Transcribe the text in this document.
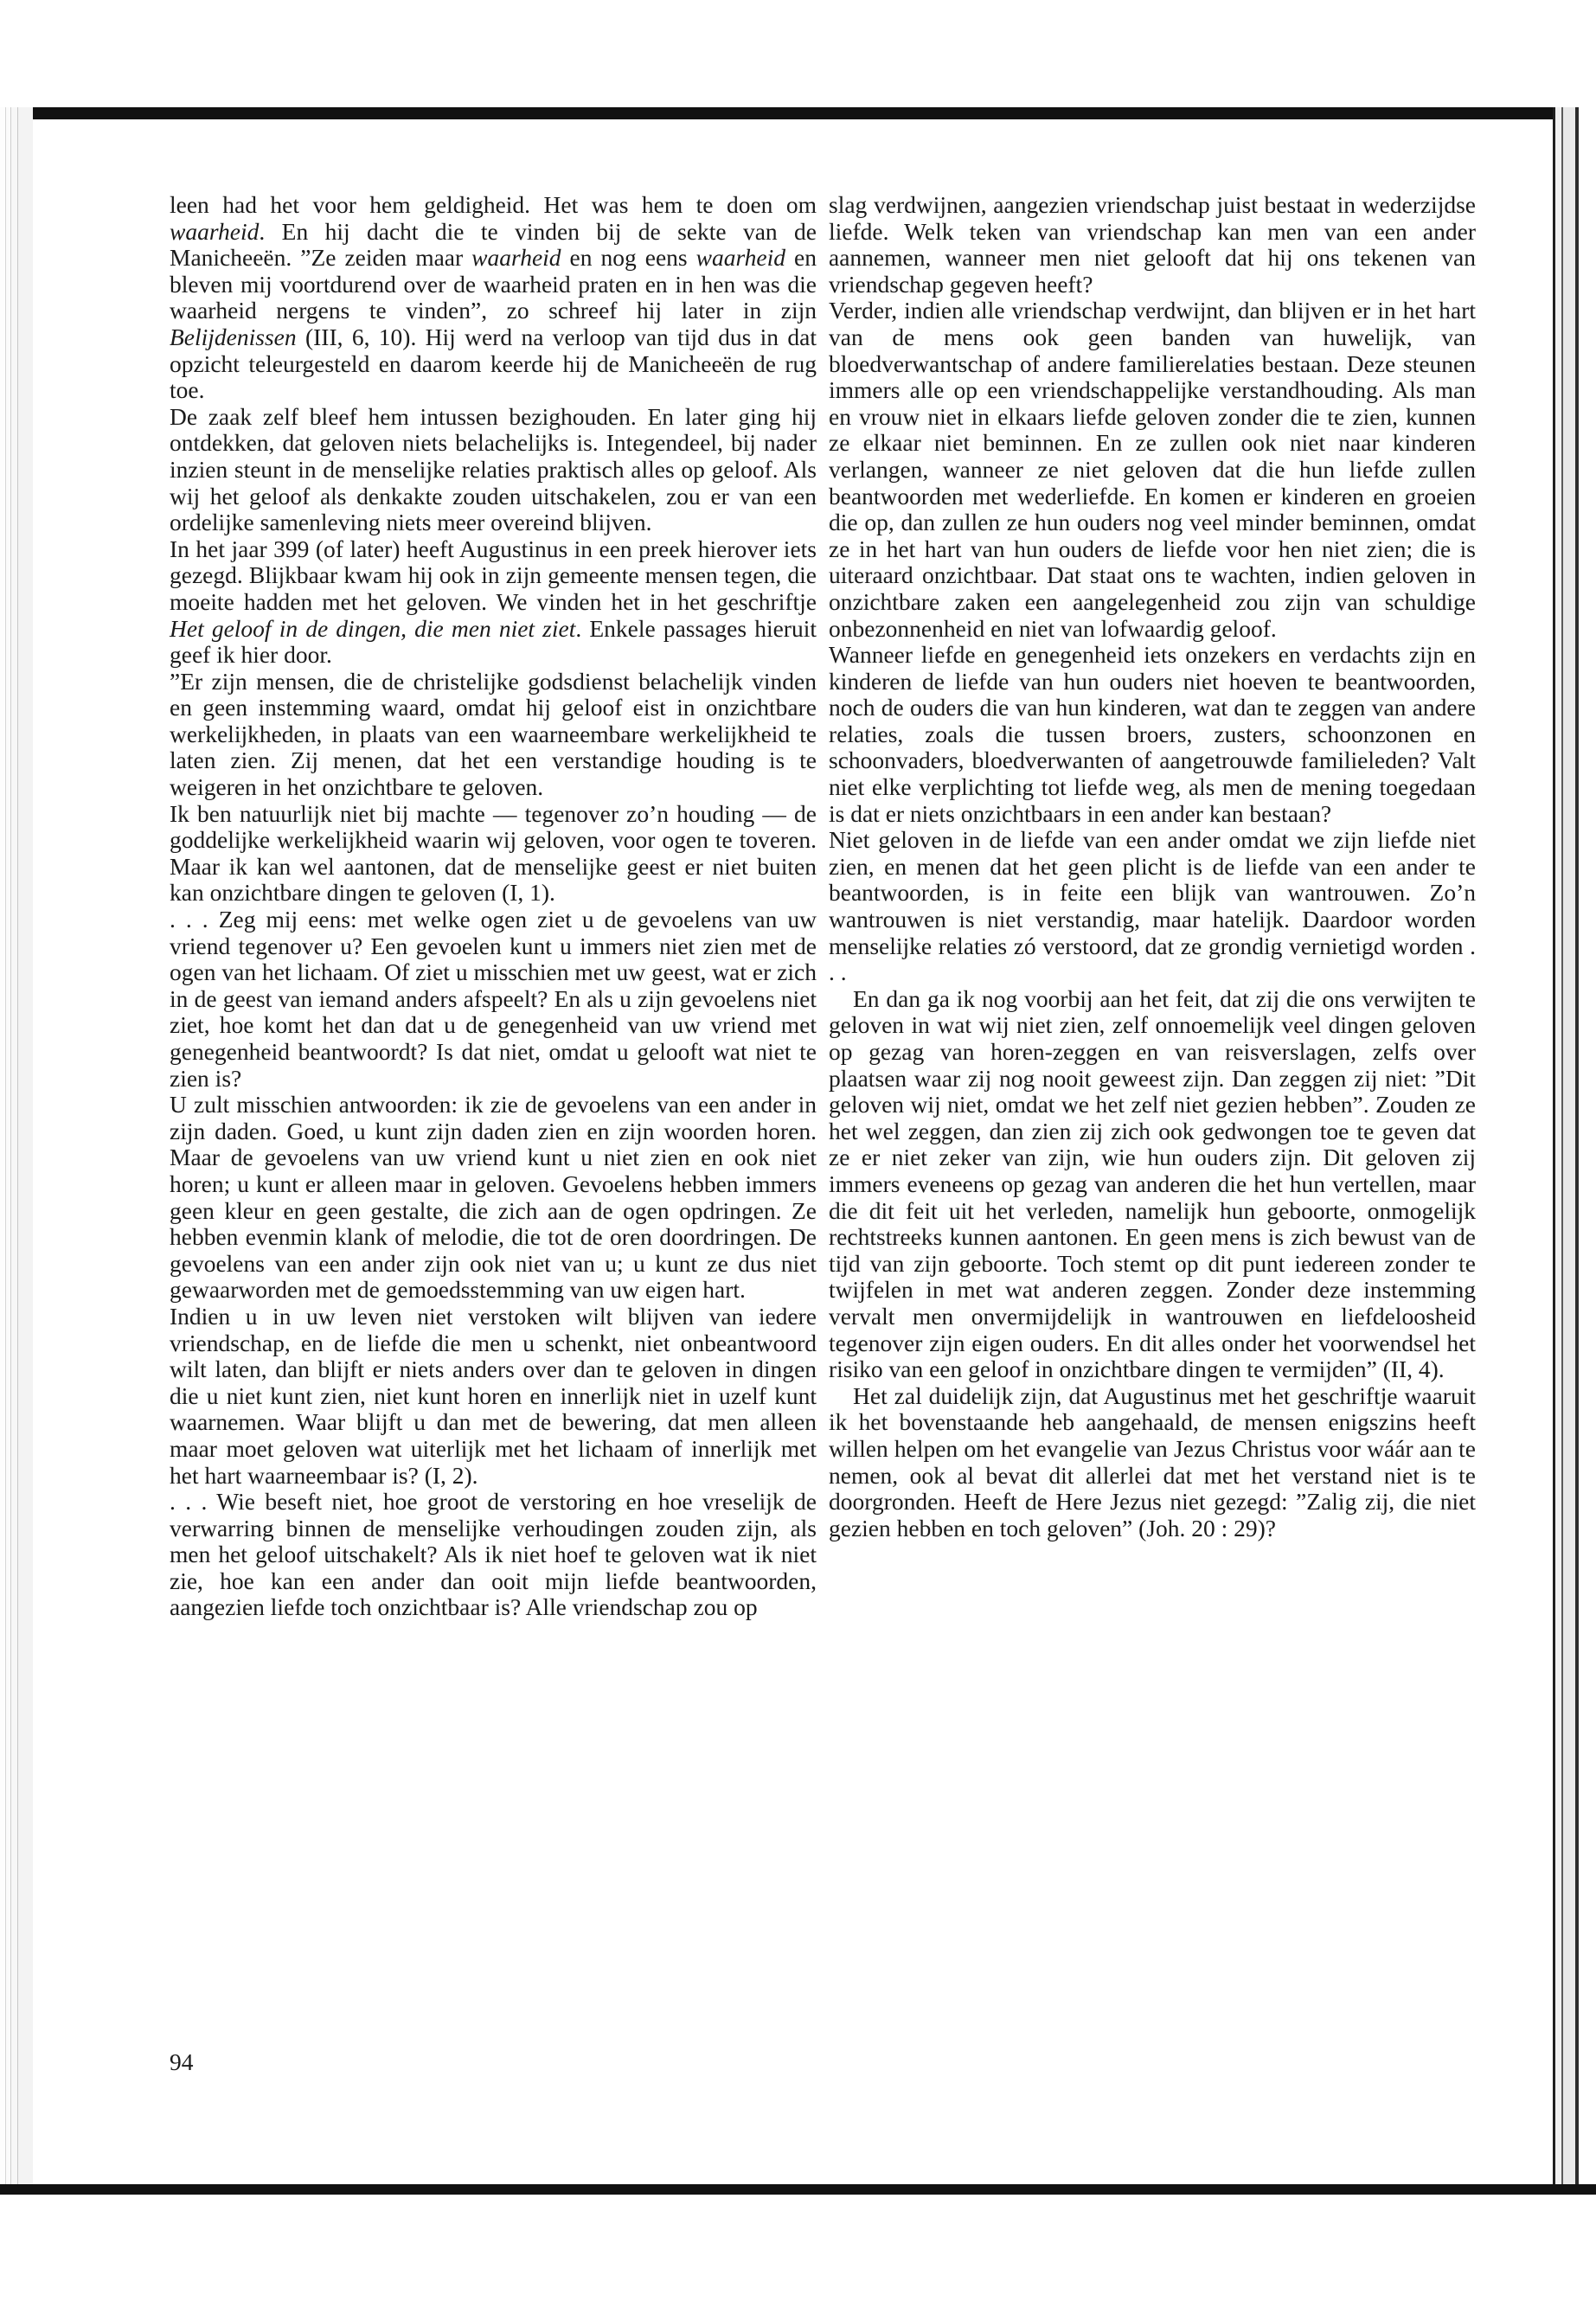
leen had het voor hem geldigheid. Het was hem te doen om waarheid. En hij dacht die te vinden bij de sekte van de Manicheeën. ”Ze zeiden maar waarheid en nog eens waarheid en bleven mij voortdurend over de waarheid praten en in hen was die waarheid nergens te vinden”, zo schreef hij later in zijn Belijdenissen (III, 6, 10). Hij werd na verloop van tijd dus in dat opzicht teleurgesteld en daarom keerde hij de Manicheeën de rug toe.

De zaak zelf bleef hem intussen bezighouden. En later ging hij ontdekken, dat geloven niets belachelijks is. Integendeel, bij nader inzien steunt in de menselijke relaties praktisch alles op geloof. Als wij het geloof als denkakte zouden uitschakelen, zou er van een ordelijke samenleving niets meer overeind blijven.

In het jaar 399 (of later) heeft Augustinus in een preek hierover iets gezegd. Blijkbaar kwam hij ook in zijn gemeente mensen tegen, die moeite hadden met het geloven. We vinden het in het geschriftje Het geloof in de dingen, die men niet ziet. Enkele passages hieruit geef ik hier door.

”Er zijn mensen, die de christelijke godsdienst belachelijk vinden en geen instemming waard, omdat hij geloof eist in onzichtbare werkelijkheden, in plaats van een waarneembare werkelijkheid te laten zien. Zij menen, dat het een verstandige houding is te weigeren in het onzichtbare te geloven.

Ik ben natuurlijk niet bij machte — tegenover zo’n houding — de goddelijke werkelijkheid waarin wij geloven, voor ogen te toveren. Maar ik kan wel aantonen, dat de menselijke geest er niet buiten kan onzichtbare dingen te geloven (I, 1).

. . . Zeg mij eens: met welke ogen ziet u de gevoelens van uw vriend tegenover u? Een gevoelen kunt u immers niet zien met de ogen van het lichaam. Of ziet u misschien met uw geest, wat er zich in de geest van iemand anders afspeelt? En als u zijn gevoelens niet ziet, hoe komt het dan dat u de genegenheid van uw vriend met genegenheid beantwoordt? Is dat niet, omdat u gelooft wat niet te zien is?

U zult misschien antwoorden: ik zie de gevoelens van een ander in zijn daden. Goed, u kunt zijn daden zien en zijn woorden horen. Maar de gevoelens van uw vriend kunt u niet zien en ook niet horen; u kunt er alleen maar in geloven. Gevoelens hebben immers geen kleur en geen gestalte, die zich aan de ogen opdringen. Ze hebben evenmin klank of melodie, die tot de oren doordringen. De gevoelens van een ander zijn ook niet van u; u kunt ze dus niet gewaarworden met de gemoedsstemming van uw eigen hart.

Indien u in uw leven niet verstoken wilt blijven van iedere vriendschap, en de liefde die men u schenkt, niet onbeantwoord wilt laten, dan blijft er niets anders over dan te geloven in dingen die u niet kunt zien, niet kunt horen en innerlijk niet in uzelf kunt waarnemen. Waar blijft u dan met de bewering, dat men alleen maar moet geloven wat uiterlijk met het lichaam of innerlijk met het hart waarneembaar is? (I, 2).

. . . Wie beseft niet, hoe groot de verstoring en hoe vreselijk de verwarring binnen de menselijke verhoudingen zouden zijn, als men het geloof uitschakelt? Als ik niet hoef te geloven wat ik niet zie, hoe kan een ander dan ooit mijn liefde beantwoorden, aangezien liefde toch onzichtbaar is? Alle vriendschap zou op

slag verdwijnen, aangezien vriendschap juist bestaat in wederzijdse liefde. Welk teken van vriendschap kan men van een ander aannemen, wanneer men niet gelooft dat hij ons tekenen van vriendschap gegeven heeft?

Verder, indien alle vriendschap verdwijnt, dan blijven er in het hart van de mens ook geen banden van huwelijk, van bloedverwantschap of andere familierelaties bestaan. Deze steunen immers alle op een vriendschappelijke verstandhouding. Als man en vrouw niet in elkaars liefde geloven zonder die te zien, kunnen ze elkaar niet beminnen. En ze zullen ook niet naar kinderen verlangen, wanneer ze niet geloven dat die hun liefde zullen beantwoorden met wederliefde. En komen er kinderen en groeien die op, dan zullen ze hun ouders nog veel minder beminnen, omdat ze in het hart van hun ouders de liefde voor hen niet zien; die is uiteraard onzichtbaar. Dat staat ons te wachten, indien geloven in onzichtbare zaken een aangelegenheid zou zijn van schuldige onbezonnenheid en niet van lofwaardig geloof.

Wanneer liefde en genegenheid iets onzekers en verdachts zijn en kinderen de liefde van hun ouders niet hoeven te beantwoorden, noch de ouders die van hun kinderen, wat dan te zeggen van andere relaties, zoals die tussen broers, zusters, schoonzonen en schoonvaders, bloedverwanten of aangetrouwde familieleden? Valt niet elke verplichting tot liefde weg, als men de mening toegedaan is dat er niets onzichtbaars in een ander kan bestaan?

Niet geloven in de liefde van een ander omdat we zijn liefde niet zien, en menen dat het geen plicht is de liefde van een ander te beantwoorden, is in feite een blijk van wantrouwen. Zo’n wantrouwen is niet verstandig, maar hatelijk. Daardoor worden menselijke relaties zó verstoord, dat ze grondig vernietigd worden . . .

En dan ga ik nog voorbij aan het feit, dat zij die ons verwijten te geloven in wat wij niet zien, zelf onnoemelijk veel dingen geloven op gezag van horen-zeggen en van reisverslagen, zelfs over plaatsen waar zij nog nooit geweest zijn. Dan zeggen zij niet: ”Dit geloven wij niet, omdat we het zelf niet gezien hebben”. Zouden ze het wel zeggen, dan zien zij zich ook gedwongen toe te geven dat ze er niet zeker van zijn, wie hun ouders zijn. Dit geloven zij immers eveneens op gezag van anderen die het hun vertellen, maar die dit feit uit het verleden, namelijk hun geboorte, onmogelijk rechtstreeks kunnen aantonen. En geen mens is zich bewust van de tijd van zijn geboorte. Toch stemt op dit punt iedereen zonder te twijfelen in met wat anderen zeggen. Zonder deze instemming vervalt men onvermijdelijk in wantrouwen en liefdeloosheid tegenover zijn eigen ouders. En dit alles onder het voorwendsel het risiko van een geloof in onzichtbare dingen te vermijden” (II, 4).

Het zal duidelijk zijn, dat Augustinus met het geschriftje waaruit ik het bovenstaande heb aangehaald, de mensen enigszins heeft willen helpen om het evangelie van Jezus Christus voor wáár aan te nemen, ook al bevat dit allerlei dat met het verstand niet is te doorgronden. Heeft de Here Jezus niet gezegd: ”Zalig zij, die niet gezien hebben en toch geloven” (Joh. 20 : 29)?

94
